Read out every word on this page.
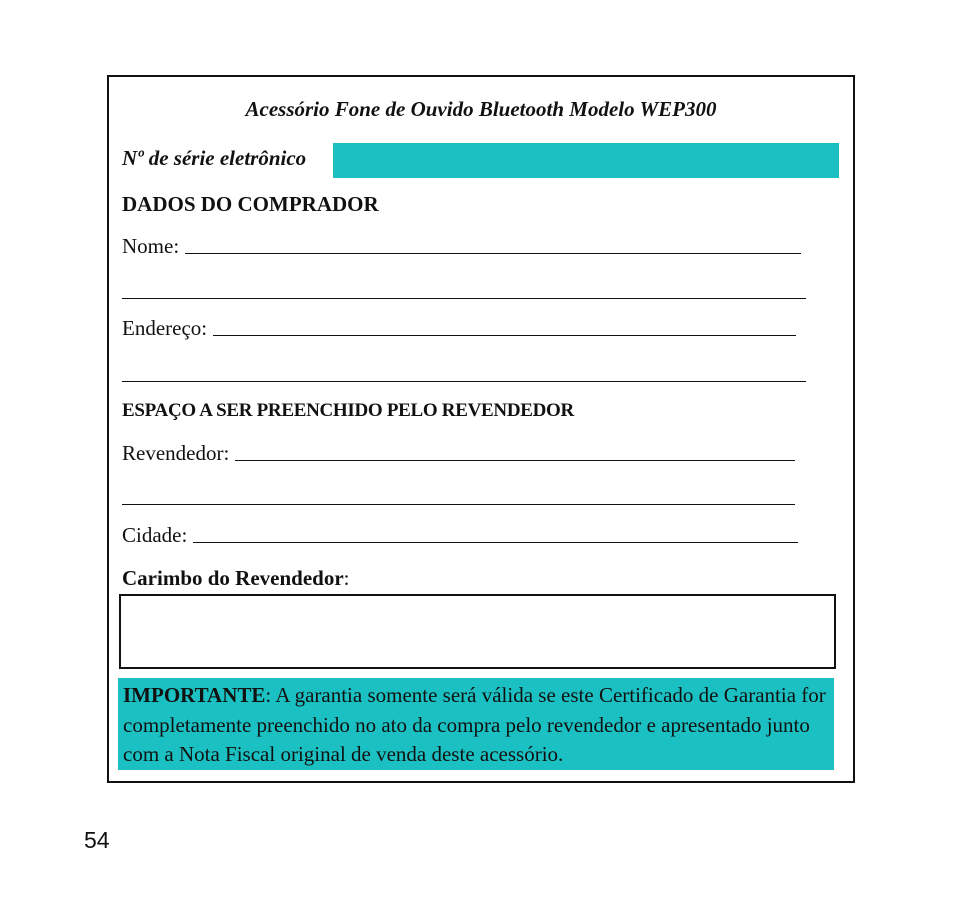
Acessório Fone de Ouvido Bluetooth Modelo WEP300
Nº de série eletrônico
DADOS DO COMPRADOR
Nome:
Endereço:
ESPAÇO A SER PREENCHIDO PELO REVENDEDOR
Revendedor:
Cidade:
Carimbo do Revendedor:
IMPORTANTE: A garantia somente será válida se este Certificado de Garantia for completamente preenchido no ato da compra pelo revendedor e apresentado junto com a Nota Fiscal original de venda deste acessório.
54
